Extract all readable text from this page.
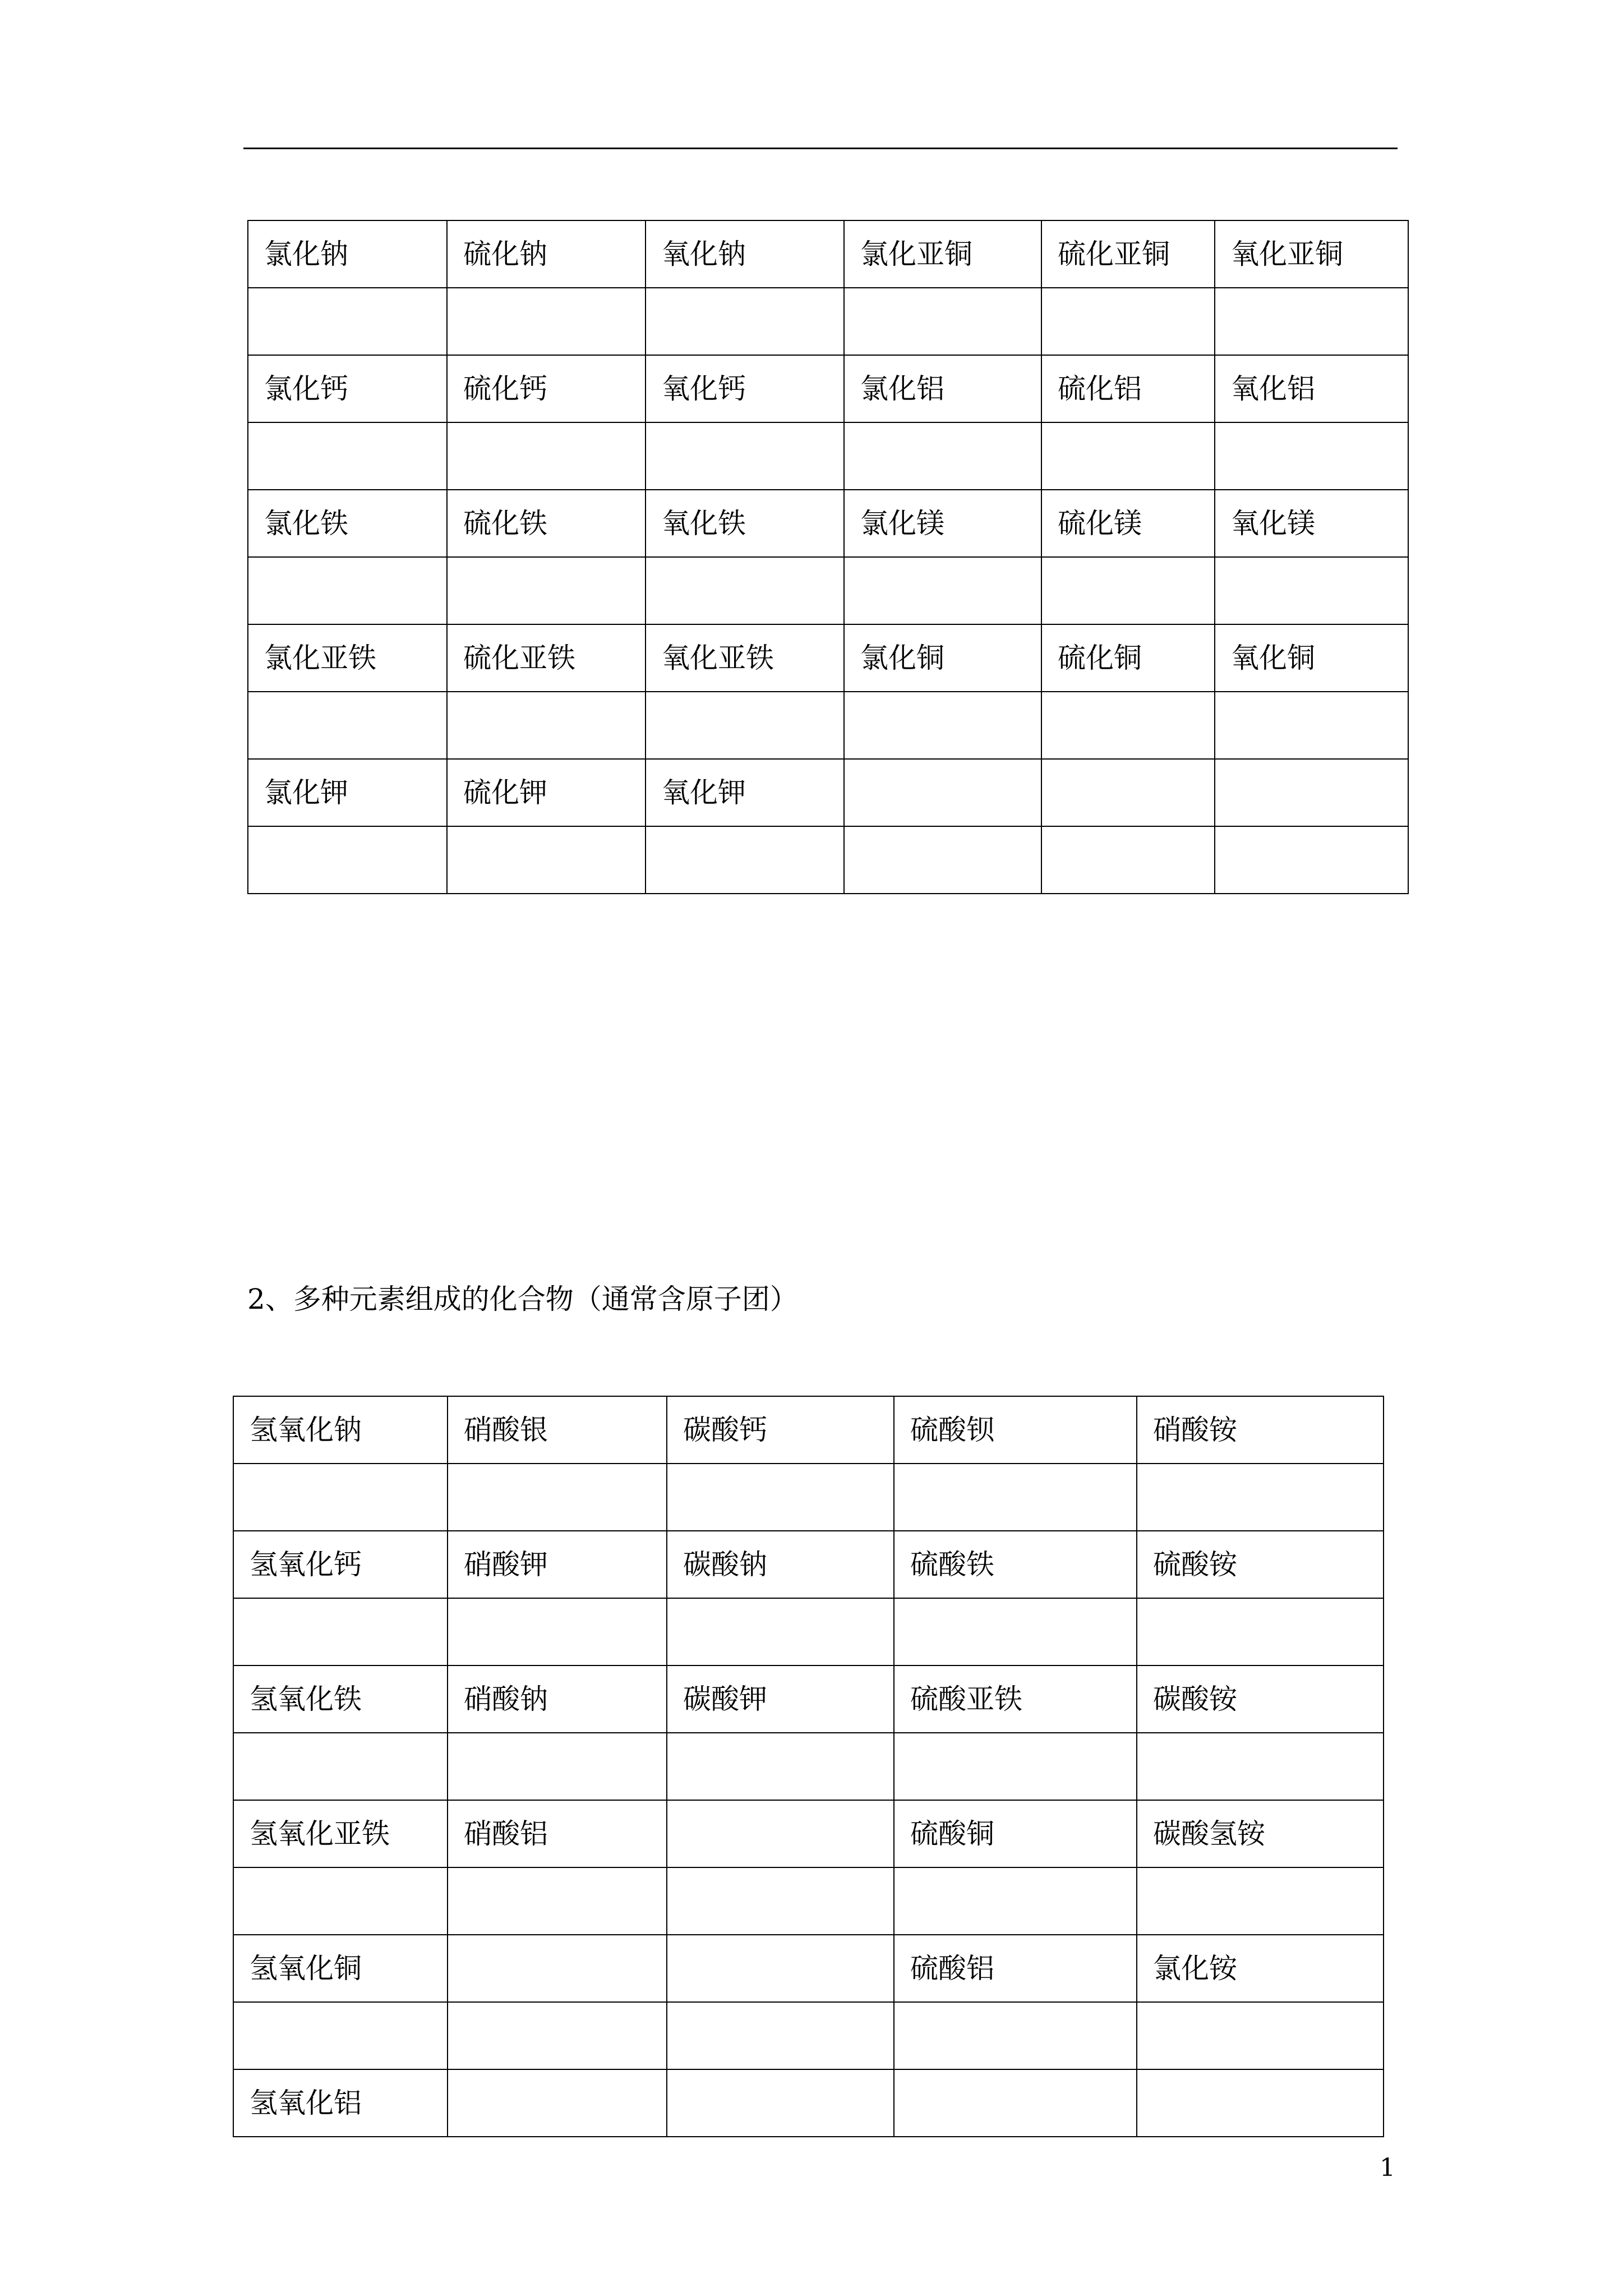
氯化钠	硫化钠	氧化钠	氯化亚铜	硫化亚铜	氧化亚铜

氯化钙	硫化钙	氧化钙	氯化铝	硫化铝	氧化铝

氯化铁	硫化铁	氧化铁	氯化镁	硫化镁	氧化镁

氯化亚铁	硫化亚铁	氧化亚铁	氯化铜	硫化铜	氧化铜

氯化钾	硫化钾	氧化钾			

2、多种元素组成的化合物（通常含原子团）
氢氧化钠	硝酸银	碳酸钙	硫酸钡	硝酸铵

氢氧化钙	硝酸钾	碳酸钠	硫酸铁	硫酸铵

氢氧化铁	硝酸钠	碳酸钾	硫酸亚铁	碳酸铵

氢氧化亚铁	硝酸铝		硫酸铜	碳酸氢铵

氢氧化铜			硫酸铝	氯化铵

氢氧化铝				
1
